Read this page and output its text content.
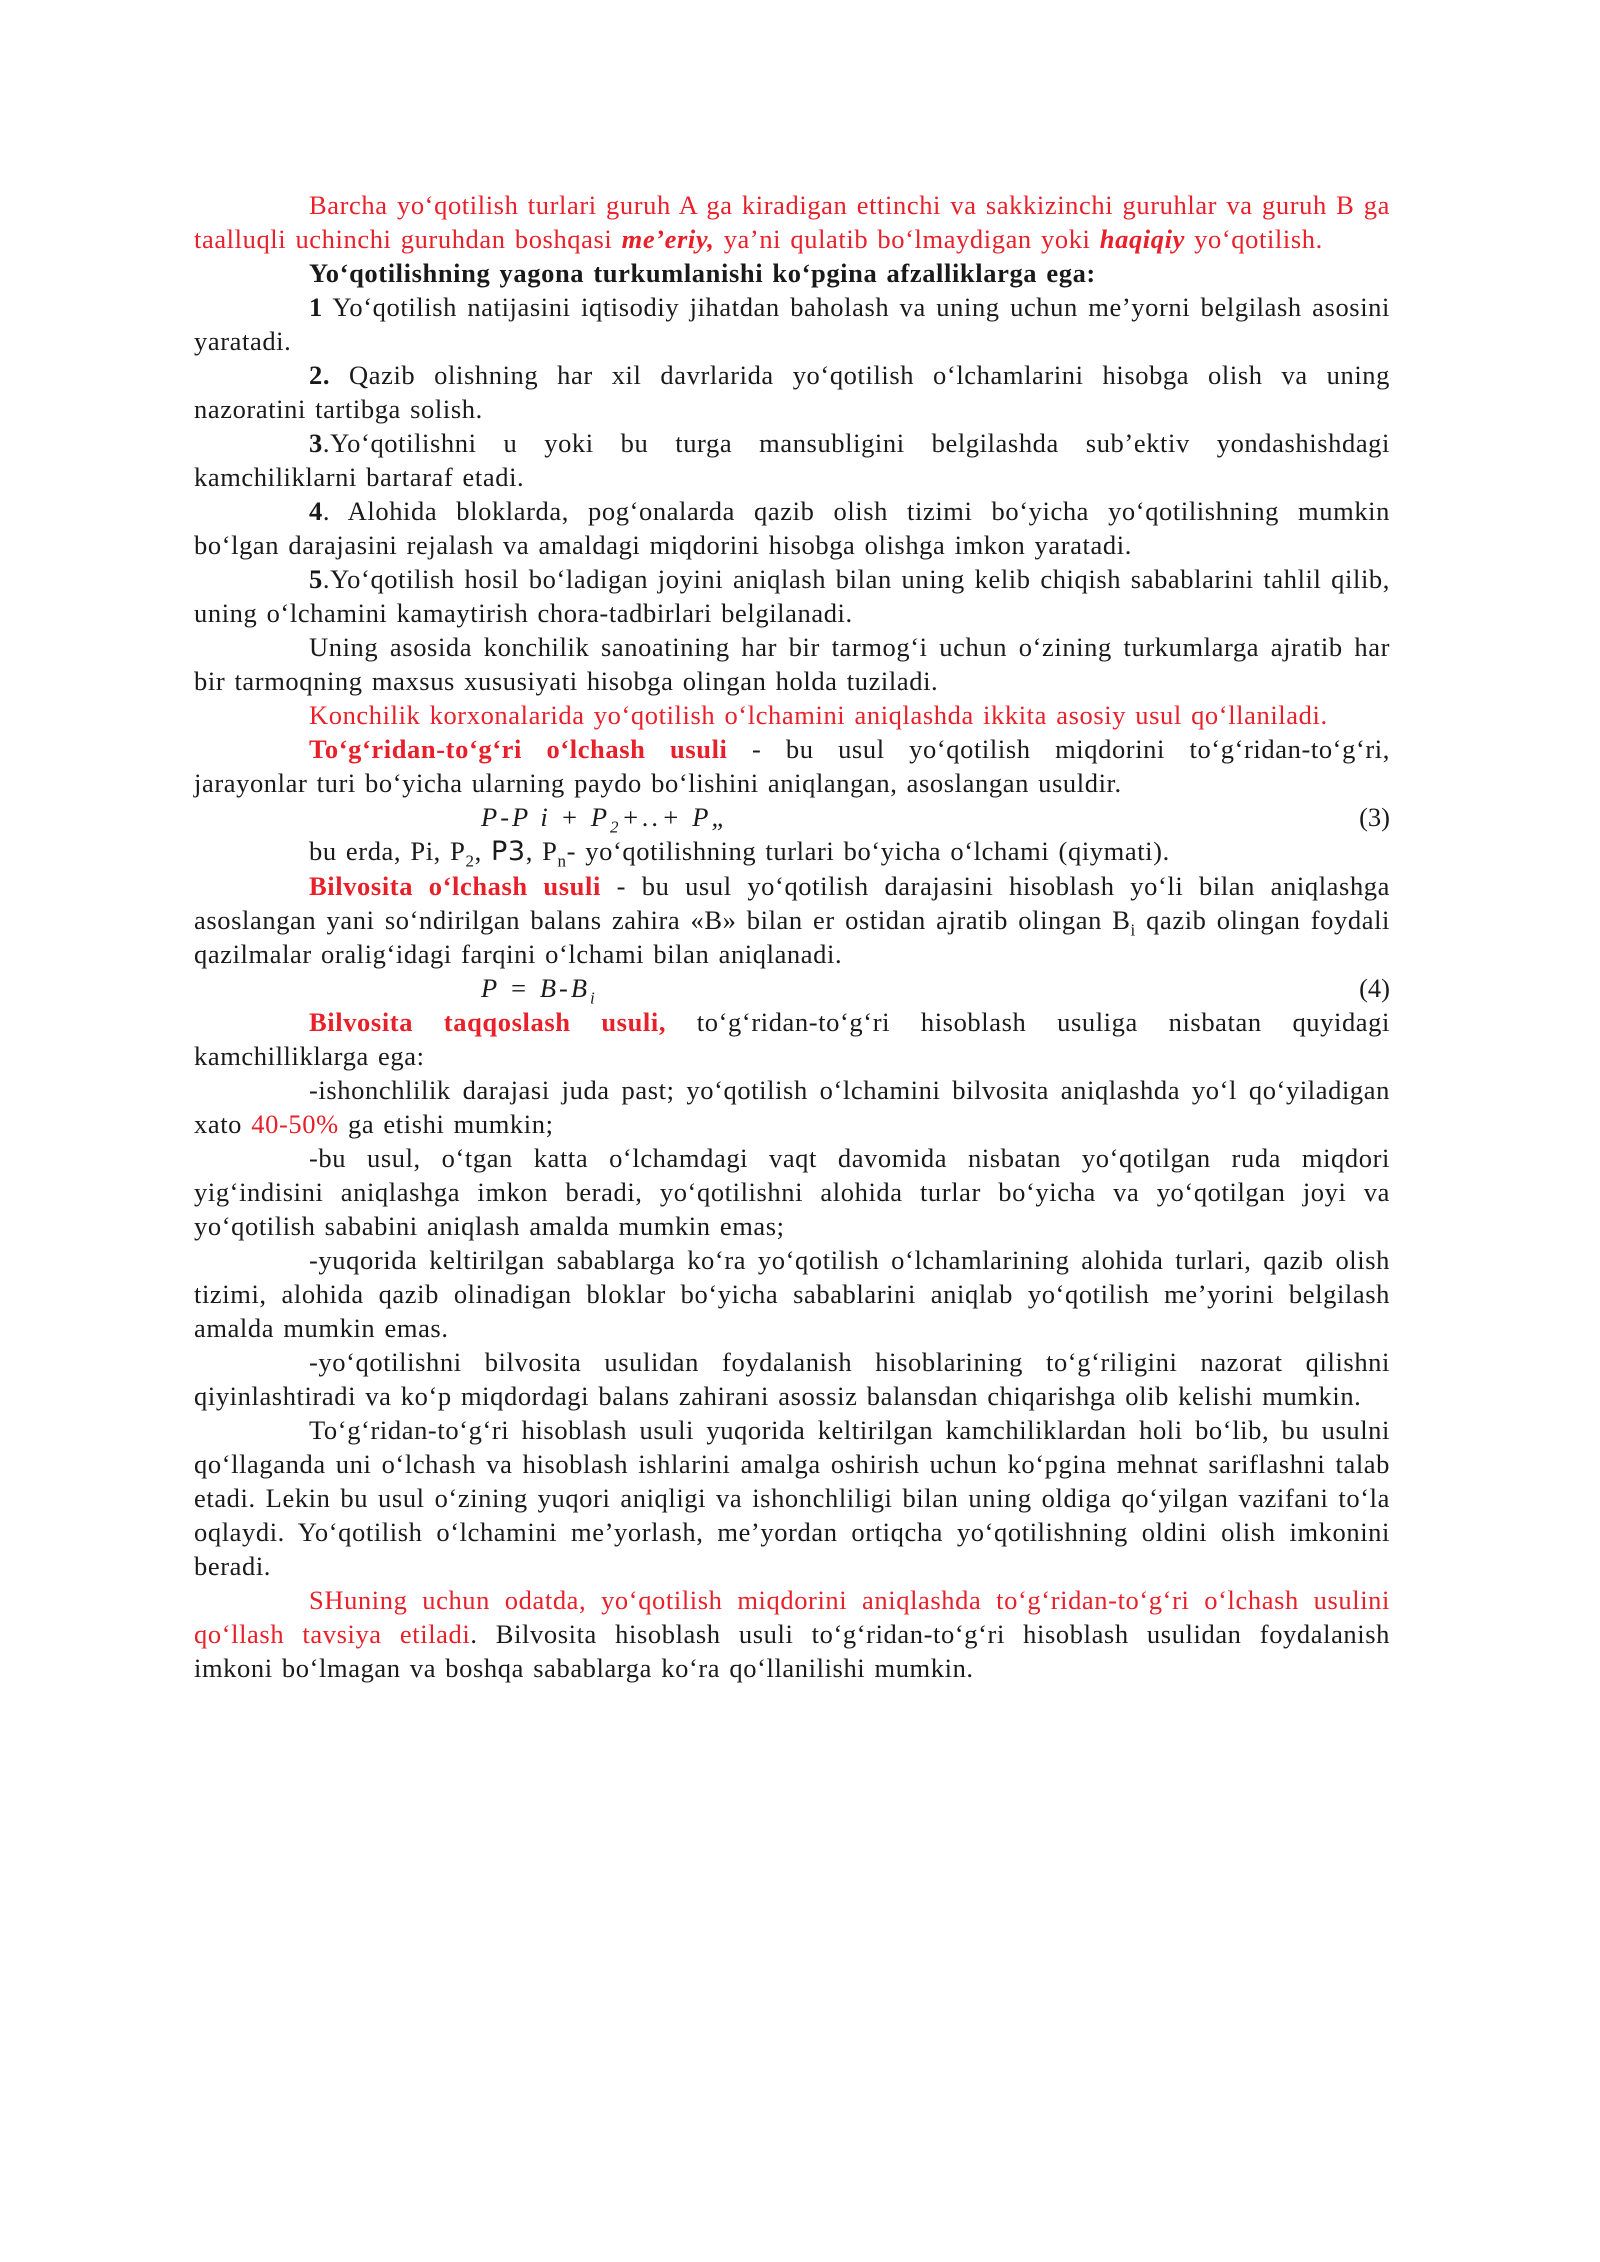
Barcha yo‘qotilish turlari guruh A ga kiradigan ettinchi va sakkizinchi guruhlar va guruh B ga taalluqli uchinchi guruhdan boshqasi me’eriy, ya’ni qulatib bo‘lmaydigan yoki haqiqiy yo‘qotilish.

Yo‘qotilishning yagona turkumlanishi ko‘pgina afzalliklarga ega:

1 Yo‘qotilish natijasini iqtisodiy jihatdan baholash va uning uchun me’yorni belgilash asosini yaratadi.

2. Qazib olishning har xil davrlarida yo‘qotilish o‘lchamlarini hisobga olish va uning nazoratini tartibga solish.

3.Yo‘qotilishni u yoki bu turga mansubligini belgilashda sub’ektiv yondashishdagi kamchiliklarni bartaraf etadi.

4. Alohida bloklarda, pog‘onalarda qazib olish tizimi bo‘yicha yo‘qotilishning mumkin bo‘lgan darajasini rejalash va amaldagi miqdorini hisobga olishga imkon yaratadi.

5.Yo‘qotilish hosil bo‘ladigan joyini aniqlash bilan uning kelib chiqish sabablarini tahlil qilib, uning o‘lchamini kamaytirish chora-tadbirlari belgilanadi.

Uning asosida konchilik sanoatining har bir tarmog‘i uchun o‘zining turkumlarga ajratib har bir tarmoqning maxsus xususiyati hisobga olingan holda tuziladi.

Konchilik korxonalarida yo‘qotilish o‘lchamini aniqlashda ikkita asosiy usul qo‘llaniladi.

To‘g‘ridan-to‘g‘ri o‘lchash usuli - bu usul yo‘qotilish miqdorini to‘g‘ridan-to‘g‘ri, jarayonlar turi bo‘yicha ularning paydo bo‘lishini aniqlangan, asoslangan usuldir.

P-P $i + P_2+..+$ P„	(3)

bu erda, Pi, $P_2$, P3, $P_n-$ yo‘qotilishning turlari bo‘yicha o‘lchami (qiymati).

Bilvosita o‘lchash usuli - bu usul yo‘qotilish darajasini hisoblash yo‘li bilan aniqlashga asoslangan yani so‘ndirilgan balans zahira «B» bilan er ostidan ajratib olingan $B_i$ qazib olingan foydali qazilmalar oralig‘idagi farqini o‘lchami bilan aniqlanadi.

$P = B-B_i$	(4)

Bilvosita taqqoslash usuli, to‘g‘ridan-to‘g‘ri hisoblash usuliga nisbatan quyidagi kamchilliklarga ega:

-ishonchlilik darajasi juda past; yo‘qotilish o‘lchamini bilvosita aniqlashda yo‘l qo‘yiladigan xato 40-50% ga etishi mumkin;

-bu usul, o‘tgan katta o‘lchamdagi vaqt davomida nisbatan yo‘qotilgan ruda miqdori yig‘indisini aniqlashga imkon beradi, yo‘qotilishni alohida turlar bo‘yicha va yo‘qotilgan joyi va yo‘qotilish sababini aniqlash amalda mumkin emas;

-yuqorida keltirilgan sabablarga ko‘ra yo‘qotilish o‘lchamlarining alohida turlari, qazib olish tizimi, alohida qazib olinadigan bloklar bo‘yicha sabablarini aniqlab yo‘qotilish me’yorini belgilash amalda mumkin emas.

-yo‘qotilishni bilvosita usulidan foydalanish hisoblarining to‘g‘riligini nazorat qilishni qiyinlashtiradi va ko‘p miqdordagi balans zahirani asossiz balansdan chiqarishga olib kelishi mumkin.

To‘g‘ridan-to‘g‘ri hisoblash usuli yuqorida keltirilgan kamchiliklardan holi bo‘lib, bu usulni qo‘llaganda uni o‘lchash va hisoblash ishlarini amalga oshirish uchun ko‘pgina mehnat sariflashni talab etadi. Lekin bu usul o‘zining yuqori aniqligi va ishonchliligi bilan uning oldiga qo‘yilgan vazifani to‘la oqlaydi. Yo‘qotilish o‘lchamini me’yorlash, me’yordan ortiqcha yo‘qotilishning oldini olish imkonini beradi.

SHuning uchun odatda, yo‘qotilish miqdorini aniqlashda to‘g‘ridan-to‘g‘ri o‘lchash usulini qo‘llash tavsiya etiladi. Bilvosita hisoblash usuli to‘g‘ridan-to‘g‘ri hisoblash usulidan foydalanish imkoni bo‘lmagan va boshqa sabablarga ko‘ra qo‘llanilishi mumkin.
